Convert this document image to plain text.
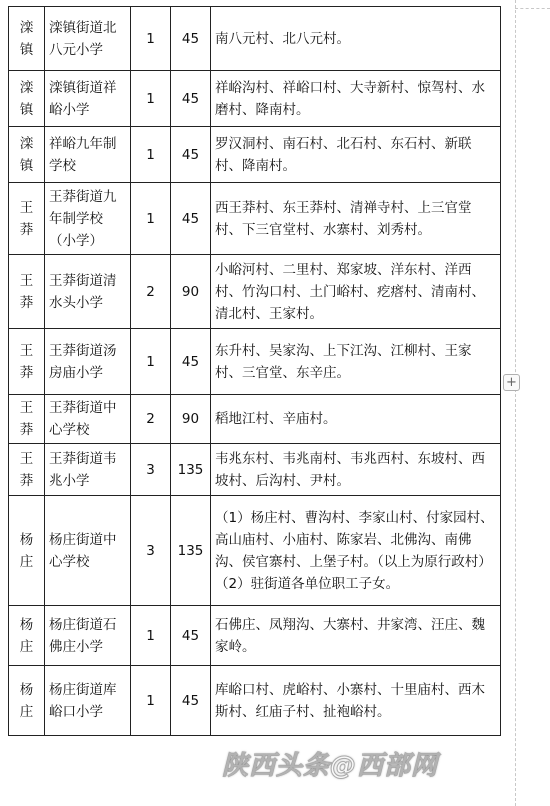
滦镇	滦镇街道北八元小学	1	45	南八元村、北八元村。
滦镇	滦镇街道祥峪小学	1	45	祥峪沟村、祥峪口村、大寺新村、惊驾村、水磨村、降南村。
滦镇	祥峪九年制学校	1	45	罗汉洞村、南石村、北石村、东石村、新联村、降南村。
王莽	王莽街道九年制学校（小学）	1	45	西王莽村、东王莽村、清禅寺村、上三官堂村、下三官堂村、水寨村、刘秀村。
王莽	王莽街道清水头小学	2	90	小峪河村、二里村、郑家坡、洋东村、洋西村、竹沟口村、土门峪村、疙瘩村、清南村、清北村、王家村。
王莽	王莽街道汤房庙小学	1	45	东升村、吴家沟、上下江沟、江柳村、王家村、三官堂、东辛庄。
王莽	王莽街道中心学校	2	90	稻地江村、辛庙村。
王莽	王莽街道韦兆小学	3	135	韦兆东村、韦兆南村、韦兆西村、东坡村、西坡村、后沟村、尹村。
杨庄	杨庄街道中心学校	3	135	（1）杨庄村、曹沟村、李家山村、付家园村、高山庙村、小庙村、陈家岩、北佛沟、南佛沟、侯官寨村、上堡子村。（以上为原行政村）（2）驻街道各单位职工子女。
杨庄	杨庄街道石佛庄小学	1	45	石佛庄、凤翔沟、大寨村、井家湾、汪庄、魏家岭。
杨庄	杨庄街道库峪口小学	1	45	库峪口村、虎峪村、小寨村、十里庙村、西木斯村、红庙子村、扯袍峪村。
+
陕西头条@西部网
